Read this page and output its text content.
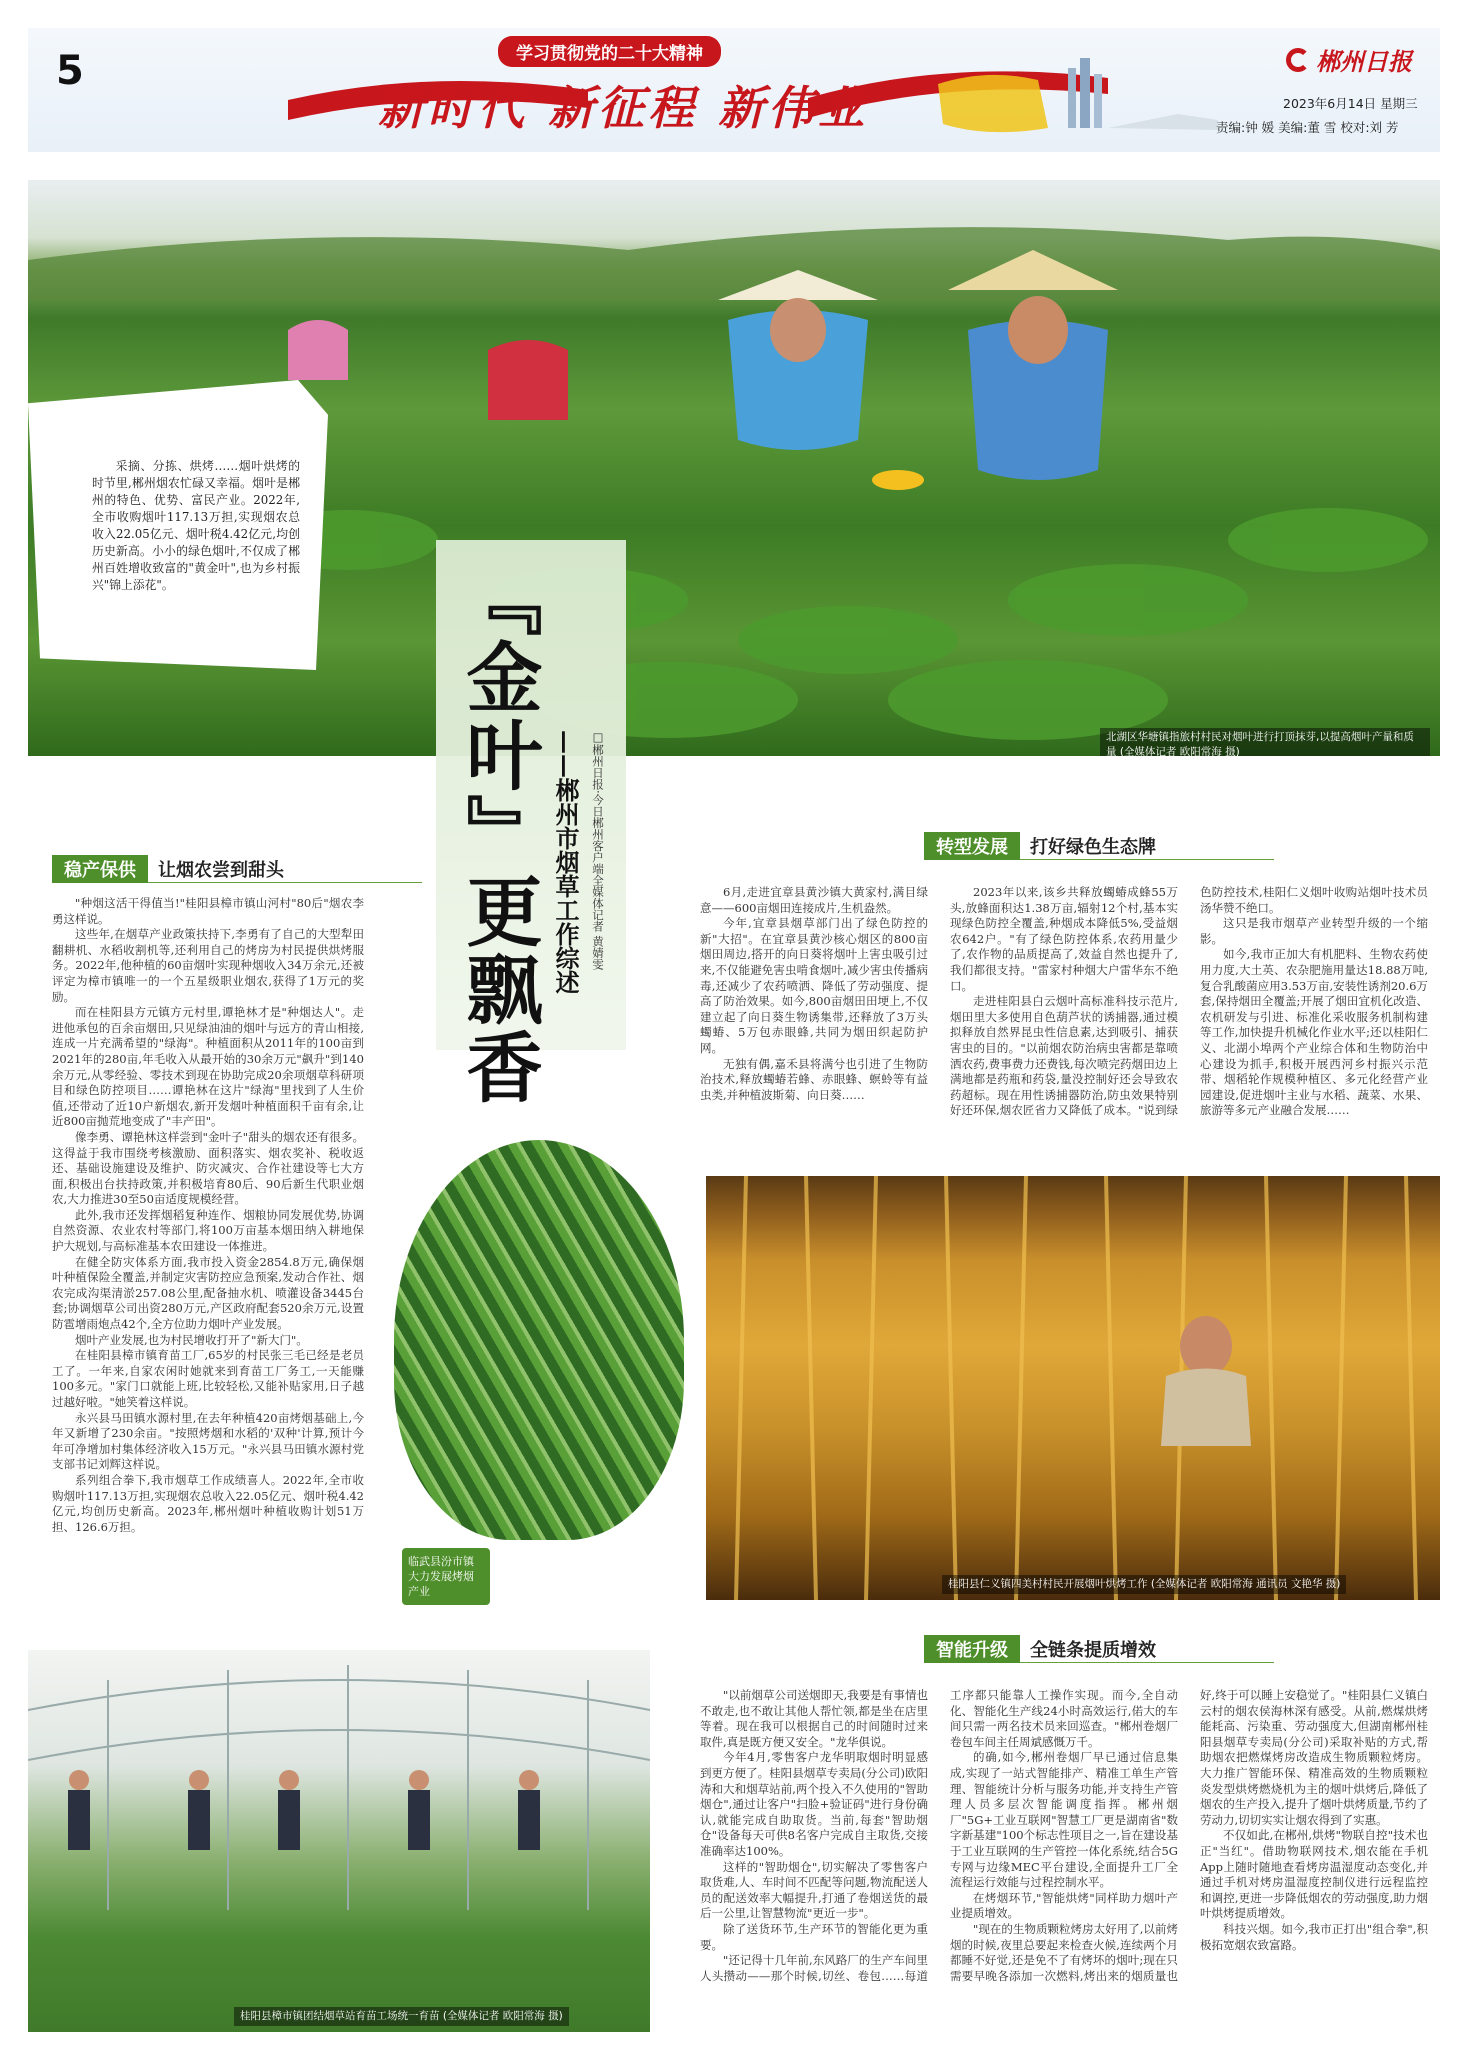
5	学习贯彻党的二十大精神
新时代 新征程 新伟业
郴州日报
2023年6月14日 星期三
责编:钟 媛 美编:董 雪 校对:刘 芳
北湖区华塘镇指旅村村民对烟叶进行打顶抹芽,以提高烟叶产量和质量 (全媒体记者 欧阳常海 摄)
采摘、分拣、烘烤……烟叶烘烤的时节里,郴州烟农忙碌又幸福。烟叶是郴州的特色、优势、富民产业。2022年,全市收购烟叶117.13万担,实现烟农总收入22.05亿元、烟叶税4.42亿元,均创历史新高。小小的绿色烟叶,不仅成了郴州百姓增收致富的"黄金叶",也为乡村振兴"锦上添花"。	『金叶』更飘香 ——郴州市烟草工作综述 □郴州日报·今日郴州客户端全媒体记者 黄婧雯
稳产保供	让烟农尝到甜头

"种烟这活干得值当!"桂阳县樟市镇山河村"80后"烟农李勇这样说。

这些年,在烟草产业政策扶持下,李勇有了自己的大型犁田翻耕机、水稻收割机等,还利用自己的烤房为村民提供烘烤服务。2022年,他种植的60亩烟叶实现种烟收入34万余元,还被评定为樟市镇唯一的一个五星级职业烟农,获得了1万元的奖励。

而在桂阳县方元镇方元村里,谭艳林才是"种烟达人"。走进他承包的百余亩烟田,只见绿油油的烟叶与远方的青山相接,连成一片充满希望的"绿海"。种植面积从2011年的100亩到2021年的280亩,年毛收入从最开始的30余万元"飙升"到140余万元,从零经验、零技术到现在协助完成20余项烟草科研项目和绿色防控项目……谭艳林在这片"绿海"里找到了人生价值,还带动了近10户新烟农,新开发烟叶种植面积千亩有余,让近800亩抛荒地变成了"丰产田"。

像李勇、谭艳林这样尝到"金叶子"甜头的烟农还有很多。这得益于我市围绕考核激励、面积落实、烟农奖补、税收返还、基础设施建设及维护、防灾减灾、合作社建设等七大方面,积极出台扶持政策,并积极培育80后、90后新生代职业烟农,大力推进30至50亩适度规模经营。

此外,我市还发挥烟稻复种连作、烟粮协同发展优势,协调自然资源、农业农村等部门,将100万亩基本烟田纳入耕地保护大规划,与高标准基本农田建设一体推进。

在健全防灾体系方面,我市投入资金2854.8万元,确保烟叶种植保险全覆盖,并制定灾害防控应急预案,发动合作社、烟农完成沟渠清淤257.08公里,配备抽水机、喷灌设备3445台套;协调烟草公司出资280万元,产区政府配套520余万元,设置防雹增雨炮点42个,全方位助力烟叶产业发展。

烟叶产业发展,也为村民增收打开了"新大门"。

在桂阳县樟市镇育苗工厂,65岁的村民张三毛已经是老员工了。一年来,自家农闲时她就来到育苗工厂务工,一天能赚100多元。"家门口就能上班,比较轻松,又能补贴家用,日子越过越好啦。"她笑着这样说。

永兴县马田镇水源村里,在去年种植420亩烤烟基础上,今年又新增了230余亩。"按照烤烟和水稻的'双种'计算,预计今年可净增加村集体经济收入15万元。"永兴县马田镇水源村党支部书记刘辉这样说。

系列组合拳下,我市烟草工作成绩喜人。2022年,全市收购烟叶117.13万担,实现烟农总收入22.05亿元、烟叶税4.42亿元,均创历史新高。2023年,郴州烟叶种植收购计划51万担、126.6万担。

临武县汾市镇大力发展烤烟产业
转型发展	打好绿色生态牌

6月,走进宜章县黄沙镇大黄家村,满目绿意——600亩烟田连接成片,生机盎然。

今年,宜章县烟草部门出了绿色防控的新"大招"。在宜章县黄沙核心烟区的800亩烟田周边,搭开的向日葵将烟叶上害虫吸引过来,不仅能避免害虫啃食烟叶,减少害虫传播病毒,还减少了农药喷洒、降低了劳动强度、提高了防治效果。如今,800亩烟田田埂上,不仅建立起了向日葵生物诱集带,还释放了3万头蠋蝽、5万包赤眼蜂,共同为烟田织起防护网。

无独有偶,嘉禾县将满兮也引进了生物防治技术,释放蠋蝽若蜂、赤眼蜂、螟蛉等有益虫类,并种植波斯菊、向日葵……

2023年以来,该乡共释放蠋蝽成蜂55万头,放蜂面积达1.38万亩,辐射12个村,基本实现绿色防控全覆盖,种烟成本降低5%,受益烟农642户。"有了绿色防控体系,农药用量少了,农作物的品质提高了,效益自然也提升了,我们都很支持。"雷家村种烟大户雷华东不绝口。

走进桂阳县白云烟叶高标准科技示范片,烟田里大多使用自色葫芦状的诱捕器,通过模拟释放自然界昆虫性信息素,达到吸引、捕获害虫的目的。"以前烟农防治病虫害都是靠喷洒农药,费事费力还费钱,每次喷完药烟田边上满地都是药瓶和药袋,量没控制好还会导致农药超标。现在用性诱捕器防治,防虫效果特别好还环保,烟农匠省力又降低了成本。"说到绿色防控技术,桂阳仁义烟叶收购站烟叶技术员汤华赞不绝口。

这只是我市烟草产业转型升级的一个缩影。

如今,我市正加大有机肥料、生物农药使用力度,大土英、农杂肥施用量达18.88万吨,复合乳酸菌应用3.53万亩,安装性诱剂20.6万套,保持烟田全覆盖;开展了烟田宜机化改造、农机研发与引进、标准化采收服务机制构建等工作,加快提升机械化作业水平;还以桂阳仁义、北湖小埠两个产业综合体和生物防治中心建设为抓手,积极开展西河乡村振兴示范带、烟稻轮作规模种植区、多元化经营产业园建设,促进烟叶主业与水稻、蔬菜、水果、旅游等多元产业融合发展……

桂阳县仁义镇四美村村民开展烟叶烘烤工作 (全媒体记者 欧阳常海 通讯员 文艳华 摄)
智能升级	全链条提质增效
桂阳县樟市镇团结烟草站育苗工场统一育苗 (全媒体记者 欧阳常海 摄)

"以前烟草公司送烟即天,我要是有事情也不敢走,也不敢让其他人帮忙领,都是坐在店里等着。现在我可以根据自己的时间随时过来取件,真是既方便又安全。"龙华俱说。

今年4月,零售客户龙华明取烟时明显感到更方便了。桂阳县烟草专卖局(分公司)欧阳涛和大和烟草站前,两个投入不久使用的"智助烟仓",通过让客户"扫脸+验证码"进行身份确认,就能完成自助取货。当前,每套"智助烟仓"设备每天可供8名客户完成自主取货,交接准确率达100%。

这样的"智助烟仓",切实解决了零售客户取货难,人、车时间不匹配等问题,物流配送人员的配送效率大幅提升,打通了卷烟送货的最后一公里,让智慧物流"更近一步"。

除了送货环节,生产环节的智能化更为重要。

"还记得十几年前,东风路厂的生产车间里人头攒动——那个时候,切丝、卷包……每道工序都只能靠人工操作实现。而今,全自动化、智能化生产线24小时高效运行,偌大的车间只需一两名技术员来回巡查。"郴州卷烟厂卷包车间主任周斌感慨万千。

的确,如今,郴州卷烟厂早已通过信息集成,实现了一站式智能排产、精准工单生产管理、智能统计分析与服务功能,并支持生产管理人员多层次智能调度指挥。郴州烟厂"5G+工业互联网"智慧工厂更是湖南省"数字新基建"100个标志性项目之一,旨在建设基于工业互联网的生产管控一体化系统,结合5G专网与边缘MEC平台建设,全面提升工厂全流程运行效能与过程控制水平。

在烤烟环节,"智能烘烤"同样助力烟叶产业提质增效。

"现在的生物质颗粒烤房太好用了,以前烤烟的时候,夜里总要起来检查火候,连续两个月都睡不好觉,还是免不了有烤坏的烟叶;现在只需要早晚各添加一次燃料,烤出来的烟质量也好,终于可以睡上安稳觉了。"桂阳县仁义镇白云村的烟农侯海林深有感受。从前,燃煤烘烤能耗高、污染重、劳动强度大,但湖南郴州桂阳县烟草专卖局(分公司)采取补贴的方式,帮助烟农把燃煤烤房改造成生物质颗粒烤房。大力推广智能环保、精准高效的生物质颗粒炎发型烘烤燃烧机为主的烟叶烘烤后,降低了烟农的生产投入,提升了烟叶烘烤质量,节约了劳动力,切切实实让烟农得到了实惠。

不仅如此,在郴州,烘烤"物联自控"技术也正"当红"。借助物联网技术,烟农能在手机App上随时随地查看烤房温湿度动态变化,并通过手机对烤房温湿度控制仪进行远程监控和调控,更进一步降低烟农的劳动强度,助力烟叶烘烤提质增效。

科技兴烟。如今,我市正打出"组合拳",积极拓宽烟农致富路。
